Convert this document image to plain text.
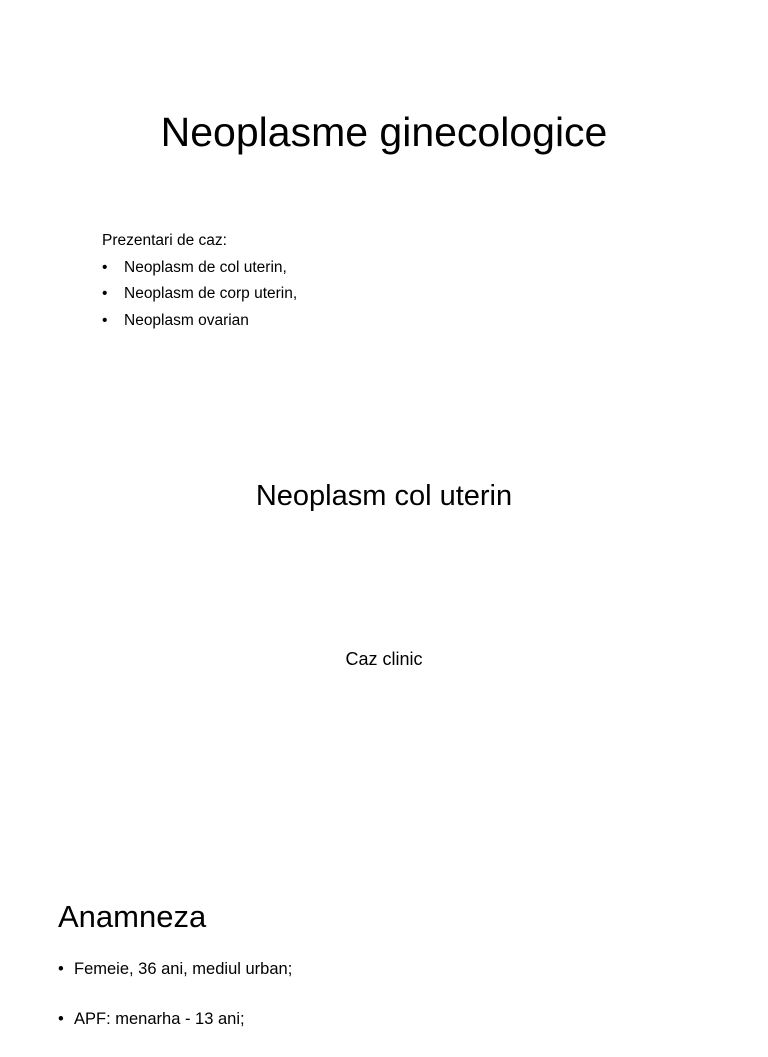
Neoplasme ginecologice

Prezentari de caz:

• Neoplasm de col uterin,
• Neoplasm de corp uterin,
• Neoplasm ovarian
Neoplasm col uterin

Caz clinic

Anamneza
• Femeie, 36 ani, mediul urban;
• APF: menarha - 13 ani;
